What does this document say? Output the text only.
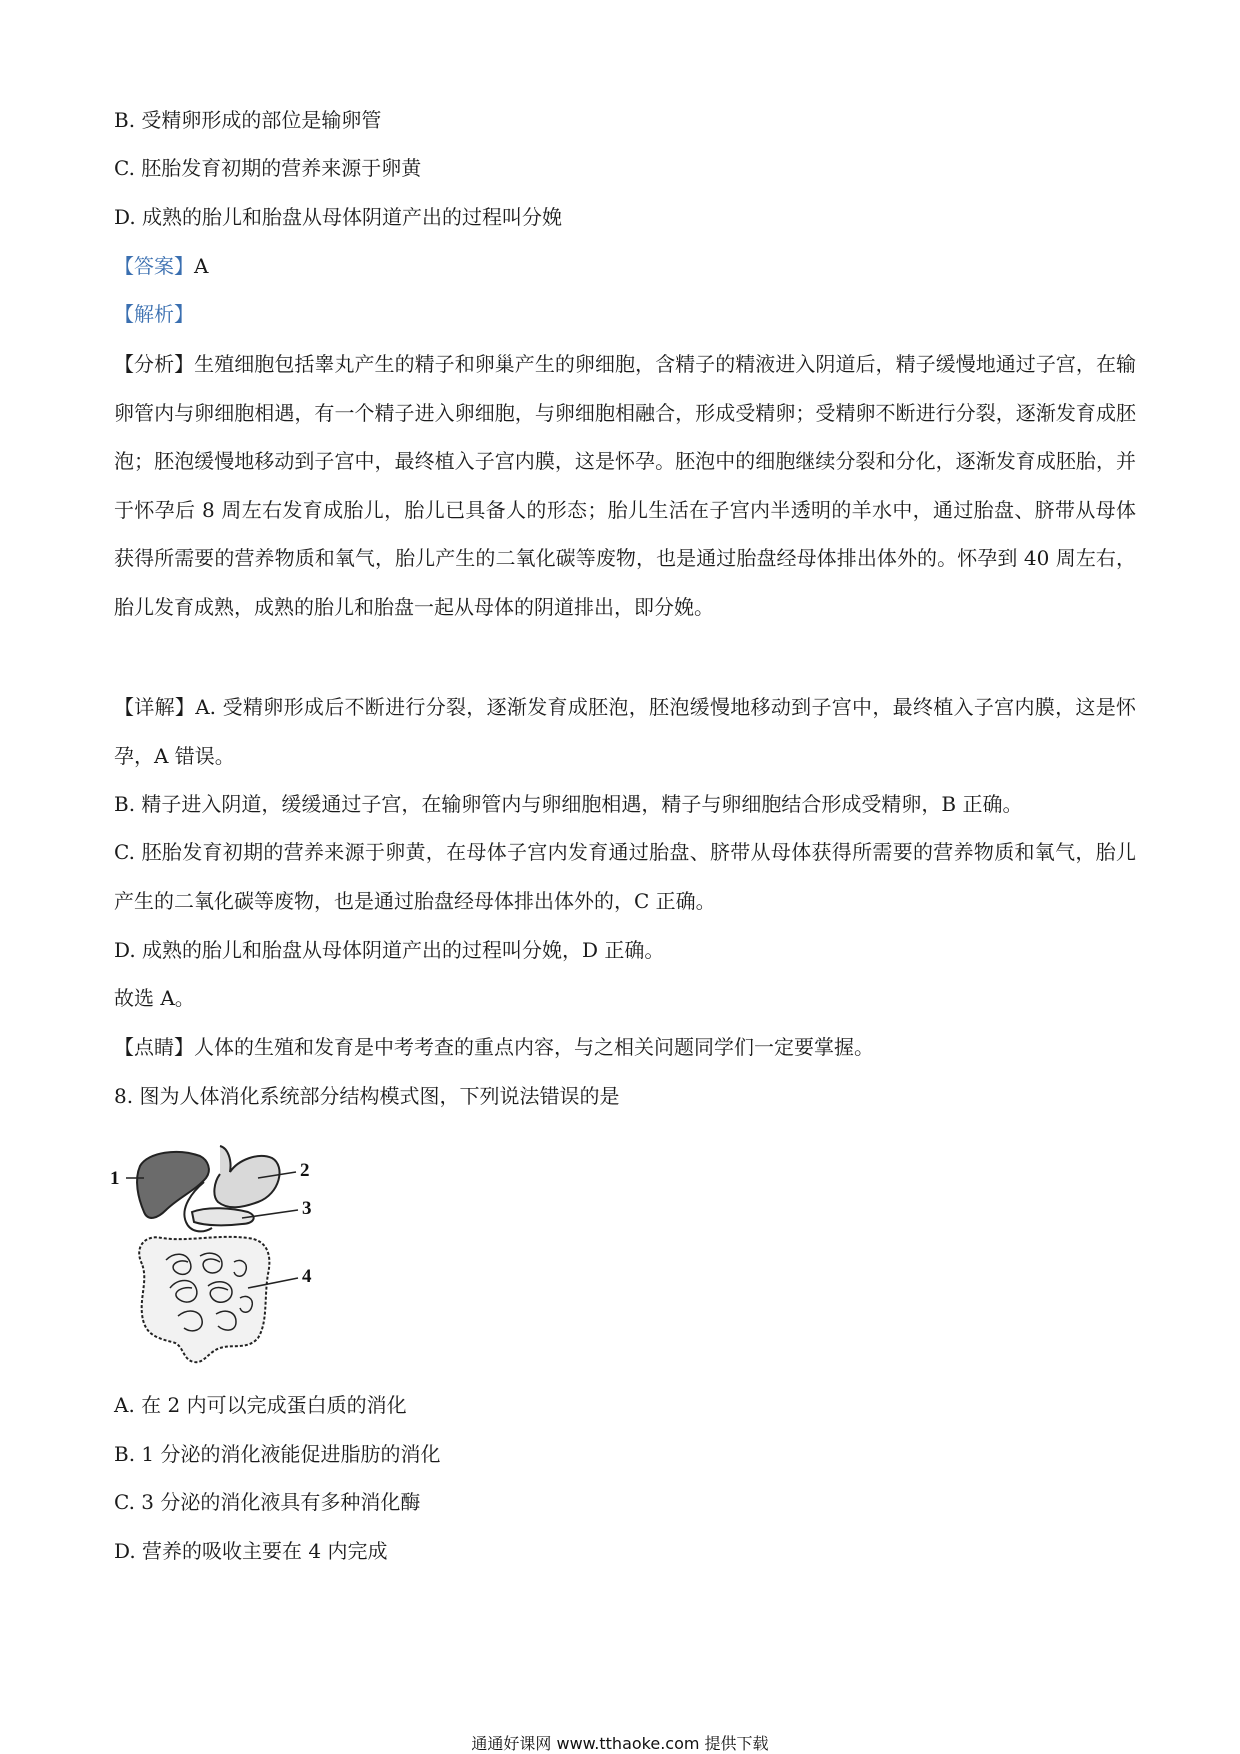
B. 受精卵形成的部位是输卵管
C. 胚胎发育初期的营养来源于卵黄
D. 成熟的胎儿和胎盘从母体阴道产出的过程叫分娩
【答案】A
【解析】
【分析】生殖细胞包括睾丸产生的精子和卵巢产生的卵细胞，含精子的精液进入阴道后，精子缓慢地通过子宫，在输卵管内与卵细胞相遇，有一个精子进入卵细胞，与卵细胞相融合，形成受精卵；受精卵不断进行分裂，逐渐发育成胚泡；胚泡缓慢地移动到子宫中，最终植入子宫内膜，这是怀孕。胚泡中的细胞继续分裂和分化，逐渐发育成胚胎，并于怀孕后 8 周左右发育成胎儿，胎儿已具备人的形态；胎儿生活在子宫内半透明的羊水中，通过胎盘、脐带从母体获得所需要的营养物质和氧气，胎儿产生的二氧化碳等废物，也是通过胎盘经母体排出体外的。怀孕到 40 周左右，胎儿发育成熟，成熟的胎儿和胎盘一起从母体的阴道排出，即分娩。
【详解】A. 受精卵形成后不断进行分裂，逐渐发育成胚泡，胚泡缓慢地移动到子宫中，最终植入子宫内膜，这是怀孕，A 错误。
B. 精子进入阴道，缓缓通过子宫，在输卵管内与卵细胞相遇，精子与卵细胞结合形成受精卵，B 正确。
C. 胚胎发育初期的营养来源于卵黄，在母体子宫内发育通过胎盘、脐带从母体获得所需要的营养物质和氧气，胎儿产生的二氧化碳等废物，也是通过胎盘经母体排出体外的，C 正确。
D. 成熟的胎儿和胎盘从母体阴道产出的过程叫分娩，D 正确。
故选 A。
【点睛】人体的生殖和发育是中考考查的重点内容，与之相关问题同学们一定要掌握。
8. 图为人体消化系统部分结构模式图，下列说法错误的是
1	2
3
4
A. 在 2 内可以完成蛋白质的消化
B. 1 分泌的消化液能促进脂肪的消化
C. 3 分泌的消化液具有多种消化酶
D. 营养的吸收主要在 4 内完成
通通好课网 www.tthaoke.com 提供下载
